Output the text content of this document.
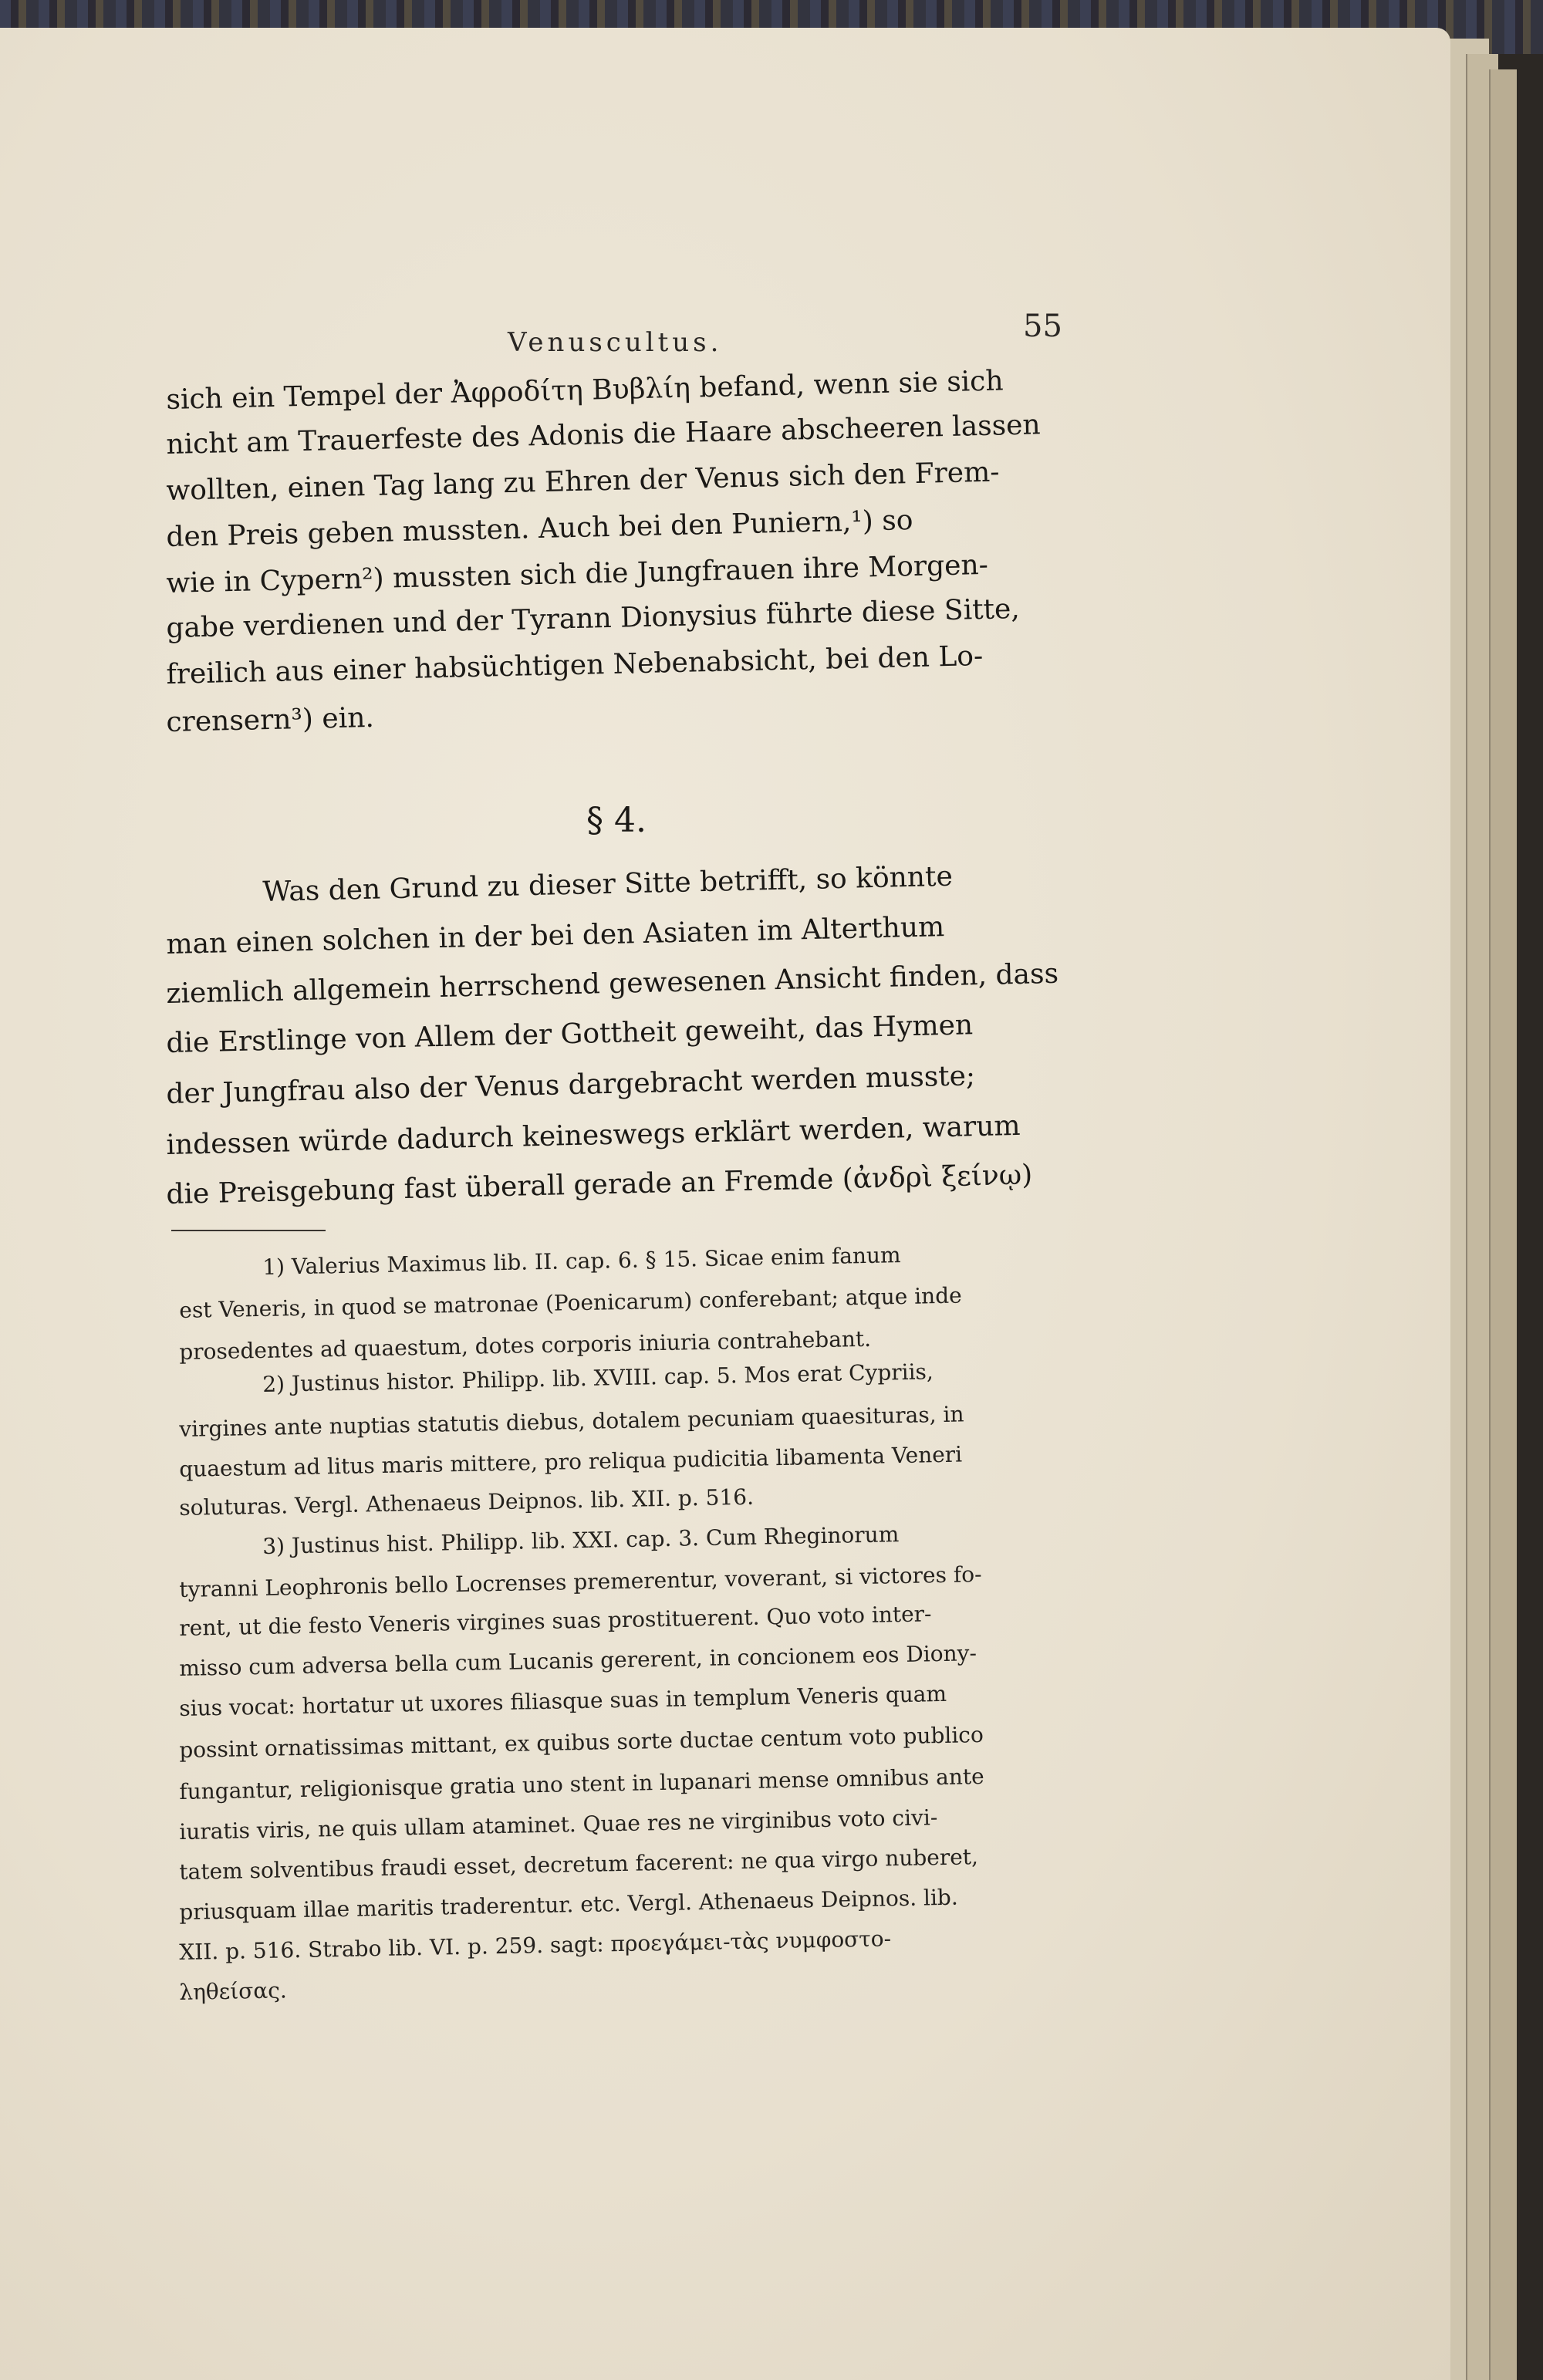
Venuscultus.	55
sich ein Tempel der Ἀφροδίτη Βυβλίη befand, wenn sie sich
nicht am Trauerfeste des Adonis die Haare abscheeren lassen
wollten, einen Tag lang zu Ehren der Venus sich den Frem-
den Preis geben mussten. Auch bei den Puniern,¹) so
wie in Cypern²) mussten sich die Jungfrauen ihre Morgen-
gabe verdienen und der Tyrann Dionysius führte diese Sitte,
freilich aus einer habsüchtigen Nebenabsicht, bei den Lo-
crensern³) ein.
§ 4.
Was den Grund zu dieser Sitte betrifft, so könnte
man einen solchen in der bei den Asiaten im Alterthum
ziemlich allgemein herrschend gewesenen Ansicht finden, dass
die Erstlinge von Allem der Gottheit geweiht, das Hymen
der Jungfrau also der Venus dargebracht werden musste;
indessen würde dadurch keineswegs erklärt werden, warum
die Preisgebung fast überall gerade an Fremde (ἀνδρὶ ξείνῳ)
1) Valerius Maximus lib. II. cap. 6. § 15. Sicae enim fanum
est Veneris, in quod se matronae (Poenicarum) conferebant; atque inde
prosedentes ad quaestum, dotes corporis iniuria contrahebant.
2) Justinus histor. Philipp. lib. XVIII. cap. 5. Mos erat Cypriis,
virgines ante nuptias statutis diebus, dotalem pecuniam quaesituras, in
quaestum ad litus maris mittere, pro reliqua pudicitia libamenta Veneri
soluturas. Vergl. Athenaeus Deipnos. lib. XII. p. 516.
3) Justinus hist. Philipp. lib. XXI. cap. 3. Cum Rheginorum
tyranni Leophronis bello Locrenses premerentur, voverant, si victores fo-
rent, ut die festo Veneris virgines suas prostituerent. Quo voto inter-
misso cum adversa bella cum Lucanis gererent, in concionem eos Diony-
sius vocat: hortatur ut uxores filiasque suas in templum Veneris quam
possint ornatissimas mittant, ex quibus sorte ductae centum voto publico
fungantur, religionisque gratia uno stent in lupanari mense omnibus ante
iuratis viris, ne quis ullam ataminet. Quae res ne virginibus voto civi-
tatem solventibus fraudi esset, decretum facerent: ne qua virgo nuberet,
priusquam illae maritis traderentur. etc. Vergl. Athenaeus Deipnos. lib.
XII. p. 516. Strabo lib. VI. p. 259. sagt: προεγάμει-τὰς νυμφοστο-
ληθείσας.
